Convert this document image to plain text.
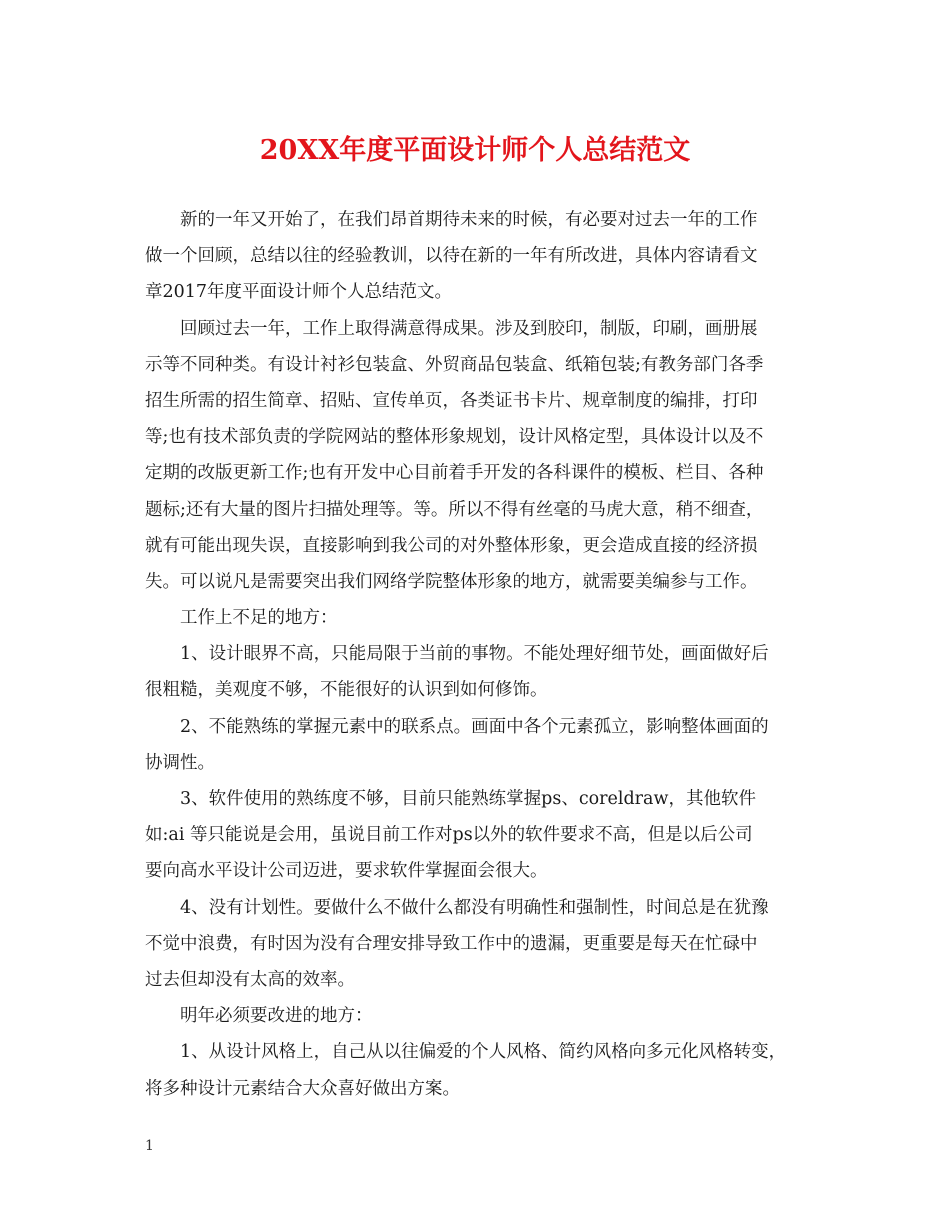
20XX年度平面设计师个人总结范文
新的一年又开始了，在我们昂首期待未来的时候，有必要对过去一年的工作
做一个回顾，总结以往的经验教训，以待在新的一年有所改进，具体内容请看文
章2017年度平面设计师个人总结范文。
回顾过去一年，工作上取得满意得成果。涉及到胶印，制版，印刷，画册展
示等不同种类。有设计衬衫包装盒、外贸商品包装盒、纸箱包装;有教务部门各季
招生所需的招生简章、招贴、宣传单页，各类证书卡片、规章制度的编排，打印
等;也有技术部负责的学院网站的整体形象规划，设计风格定型，具体设计以及不
定期的改版更新工作;也有开发中心目前着手开发的各科课件的模板、栏目、各种
题标;还有大量的图片扫描处理等。等。所以不得有丝毫的马虎大意，稍不细查，
就有可能出现失误，直接影响到我公司的对外整体形象，更会造成直接的经济损
失。可以说凡是需要突出我们网络学院整体形象的地方，就需要美编参与工作。
工作上不足的地方：
1、设计眼界不高，只能局限于当前的事物。不能处理好细节处，画面做好后
很粗糙，美观度不够，不能很好的认识到如何修饰。
2、不能熟练的掌握元素中的联系点。画面中各个元素孤立，影响整体画面的
协调性。
3、软件使用的熟练度不够，目前只能熟练掌握ps、coreldraw，其他软件
如:ai 等只能说是会用，虽说目前工作对ps以外的软件要求不高，但是以后公司
要向高水平设计公司迈进，要求软件掌握面会很大。
4、没有计划性。要做什么不做什么都没有明确性和强制性，时间总是在犹豫
不觉中浪费，有时因为没有合理安排导致工作中的遗漏，更重要是每天在忙碌中
过去但却没有太高的效率。
明年必须要改进的地方：
1、从设计风格上，自己从以往偏爱的个人风格、简约风格向多元化风格转变，
将多种设计元素结合大众喜好做出方案。
1
